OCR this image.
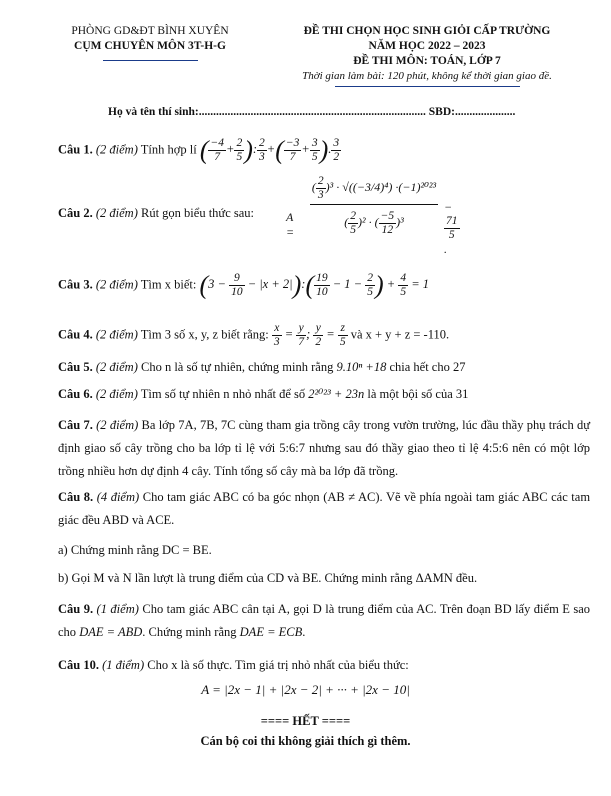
PHÒNG GD&ĐT BÌNH XUYÊN
CỤM CHUYÊN MÔN 3T-H-G
ĐỀ THI CHỌN HỌC SINH GIỎI CẤP TRƯỜNG
NĂM HỌC 2022 – 2023
ĐỀ THI MÔN: TOÁN, LỚP 7
Thời gian làm bài: 120 phút, không kể thời gian giao đề.
Họ và tên thí sinh:............................................................................... SBD:.....................
Câu 1. (2 điểm) Tính hợp lí ( $\frac{-4}{7} + \frac{2}{5}$ ): $\frac{2}{3}$ +( $\frac{-3}{7} + \frac{3}{5}$ ). $\frac{3}{2}$
Câu 2. (2 điểm) Rút gọn biểu thức sau:	A =
( $\frac{2}{3} )^3 \cdot √((-3/4)^4) \cdot(-1)^{2023}$
( $\frac{2}{5} )^2$ · ( $\frac{-5}{12} )^3$
−
$\frac{71}{5}$
.
Câu 3. (2 điểm) Tìm x biết: ($3 - \frac{9}{10} - |x$ + 2|):( $\frac{19}{10} - 1 - \frac{2}{5}$ ) + $\frac{4}{5} = 1$
Câu 4. (2 điểm) Tìm 3 số x, y, z biết rằng: $\frac{x}{3} = \frac{y}{7}$ ; $\frac{y}{2} = \frac{z}{5}$ và x + y + z = -110.
Câu 5. (2 điểm) Cho n là số tự nhiên, chứng minh rằng 9.10ⁿ +18 chia hết cho 27
Câu 6. (2 điểm) Tìm số tự nhiên n nhỏ nhất để số 2²⁰²³ + 23n là một bội số của 31
Câu 7. (2 điểm) Ba lớp 7A, 7B, 7C cùng tham gia trồng cây trong vườn trường, lúc đầu thầy phụ trách dự định giao số cây trồng cho ba lớp tỉ lệ với 5:6:7 nhưng sau đó thầy giao theo tỉ lệ 4:5:6 nên có một lớp trồng nhiều hơn dự định 4 cây. Tính tổng số cây mà ba lớp đã trồng.
Câu 8. (4 điểm) Cho tam giác ABC có ba góc nhọn (AB ≠ AC). Vẽ về phía ngoài tam giác ABC các tam giác đều ABD và ACE.
a) Chứng minh rằng DC = BE.
b) Gọi M và N lần lượt là trung điểm của CD và BE. Chứng minh rằng ΔAMN đều.
Câu 9. (1 điểm) Cho tam giác ABC cân tại A, gọi D là trung điểm của AC. Trên đoạn BD lấy điểm E sao cho DAE = ABD. Chứng minh rằng DAE = ECB.
Câu 10. (1 điểm) Cho x là số thực. Tìm giá trị nhỏ nhất của biểu thức:
A = |2x − 1| + |2x − 2| + ··· + |2x − 10|
==== HẾT ====
Cán bộ coi thi không giải thích gì thêm.
